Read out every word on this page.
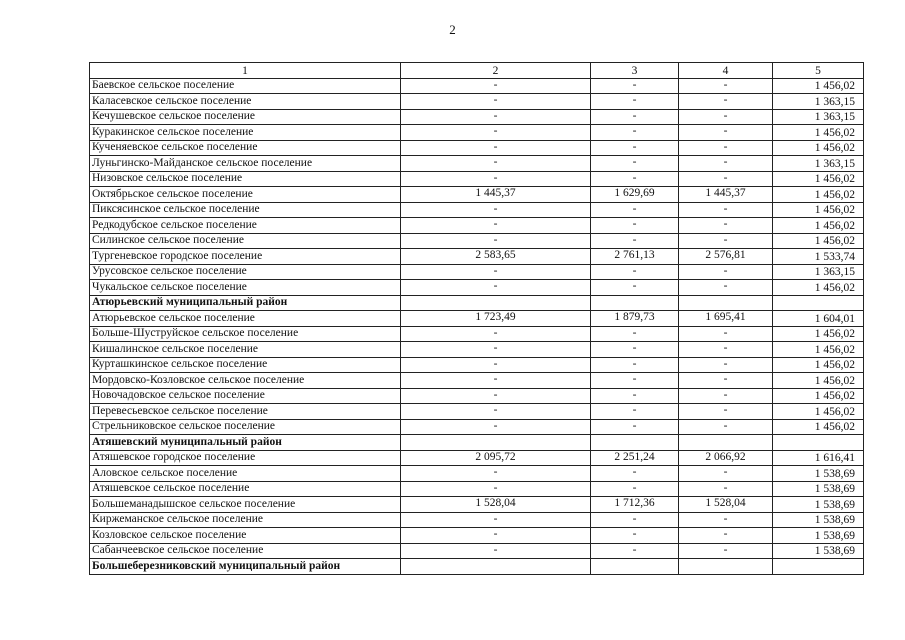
2
1	2	3	4	5
Баевское сельское поселение	-	-	-	1 456,02
Каласевское сельское поселение	-	-	-	1 363,15
Кечушевское сельское поселение	-	-	-	1 363,15
Куракинское сельское поселение	-	-	-	1 456,02
Кученяевское сельское поселение	-	-	-	1 456,02
Луньгинско-Майданское сельское поселение	-	-	-	1 363,15
Низовское сельское поселение	-	-	-	1 456,02
Октябрьское сельское поселение	1 445,37	1 629,69	1 445,37	1 456,02
Пиксясинское сельское поселение	-	-	-	1 456,02
Редкодубское сельское поселение	-	-	-	1 456,02
Силинское сельское поселение	-	-	-	1 456,02
Тургеневское городское поселение	2 583,65	2 761,13	2 576,81	1 533,74
Урусовское сельское поселение	-	-	-	1 363,15
Чукальское сельское поселение	-	-	-	1 456,02
Атюрьевский муниципальный район				
Атюрьевское сельское поселение	1 723,49	1 879,73	1 695,41	1 604,01
Больше-Шуструйское сельское поселение	-	-	-	1 456,02
Кишалинское сельское поселение	-	-	-	1 456,02
Курташкинское сельское поселение	-	-	-	1 456,02
Мордовско-Козловское сельское поселение	-	-	-	1 456,02
Новочадовское сельское поселение	-	-	-	1 456,02
Перевесьевское сельское поселение	-	-	-	1 456,02
Стрельниковское сельское поселение	-	-	-	1 456,02
Атяшевский муниципальный район				
Атяшевское городское поселение	2 095,72	2 251,24	2 066,92	1 616,41
Аловское сельское поселение	-	-	-	1 538,69
Атяшевское сельское поселение	-	-	-	1 538,69
Большеманадышское сельское поселение	1 528,04	1 712,36	1 528,04	1 538,69
Киржеманское сельское поселение	-	-	-	1 538,69
Козловское сельское поселение	-	-	-	1 538,69
Сабанчеевское сельское поселение	-	-	-	1 538,69
Большеберезниковский муниципальный район				
